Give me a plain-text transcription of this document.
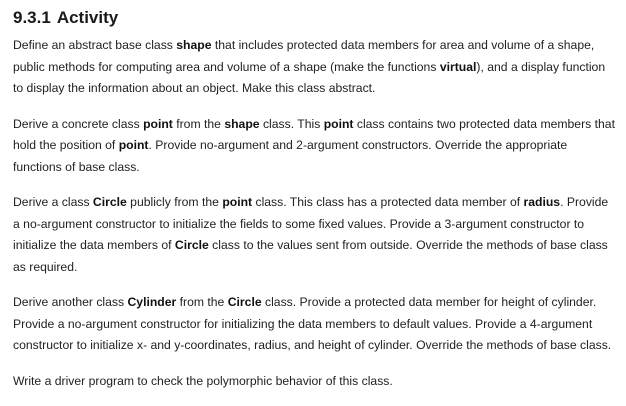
9.3.1 Activity

Define an abstract base class shape that includes protected data members for area and volume of a shape, public methods for computing area and volume of a shape (make the functions virtual), and a display function to display the information about an object. Make this class abstract.

Derive a concrete class point from the shape class. This point class contains two protected data members that hold the position of point. Provide no-argument and 2-argument constructors. Override the appropriate functions of base class.

Derive a class Circle publicly from the point class. This class has a protected data member of radius. Provide a no-argument constructor to initialize the fields to some fixed values. Provide a 3-argument constructor to initialize the data members of Circle class to the values sent from outside. Override the methods of base class as required.

Derive another class Cylinder from the Circle class. Provide a protected data member for height of cylinder. Provide a no-argument constructor for initializing the data members to default values. Provide a 4-argument constructor to initialize x- and y-coordinates, radius, and height of cylinder. Override the methods of base class.

Write a driver program to check the polymorphic behavior of this class.
